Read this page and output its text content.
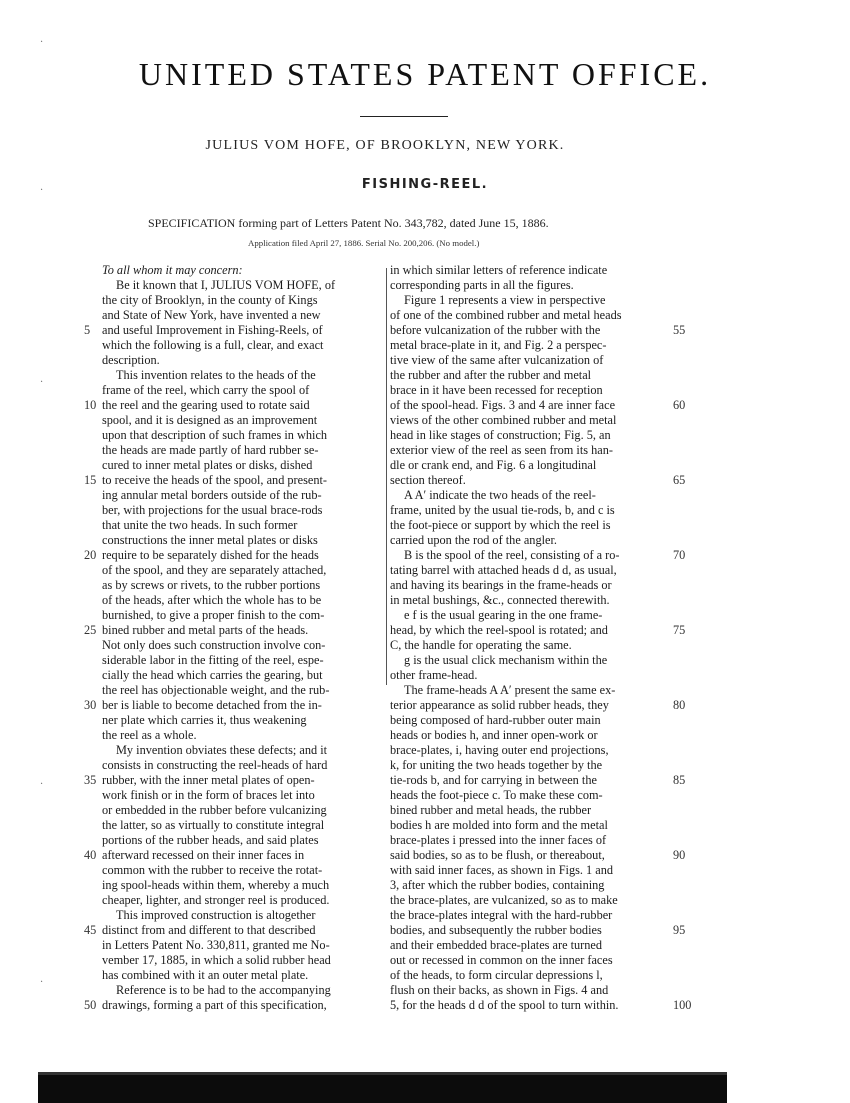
UNITED STATES PATENT OFFICE.
JULIUS VOM HOFE, OF BROOKLYN, NEW YORK.
FISHING-REEL.
SPECIFICATION forming part of Letters Patent No. 343,782, dated June 15, 1886.
Application filed April 27, 1886. Serial No. 200,206. (No model.)
To all whom it may concern:
Be it known that I, JULIUS VOM HOFE, of
the city of Brooklyn, in the county of Kings
and State of New York, have invented a new
and useful Improvement in Fishing-Reels, of
which the following is a full, clear, and exact
description.
This invention relates to the heads of the
frame of the reel, which carry the spool of
the reel and the gearing used to rotate said
spool, and it is designed as an improvement
upon that description of such frames in which
the heads are made partly of hard rubber se-
cured to inner metal plates or disks, dished
to receive the heads of the spool, and present-
ing annular metal borders outside of the rub-
ber, with projections for the usual brace-rods
that unite the two heads. In such former
constructions the inner metal plates or disks
require to be separately dished for the heads
of the spool, and they are separately attached,
as by screws or rivets, to the rubber portions
of the heads, after which the whole has to be
burnished, to give a proper finish to the com-
bined rubber and metal parts of the heads.
Not only does such construction involve con-
siderable labor in the fitting of the reel, espe-
cially the head which carries the gearing, but
the reel has objectionable weight, and the rub-
ber is liable to become detached from the in-
ner plate which carries it, thus weakening
the reel as a whole.
My invention obviates these defects; and it
consists in constructing the reel-heads of hard
rubber, with the inner metal plates of open-
work finish or in the form of braces let into
or embedded in the rubber before vulcanizing
the latter, so as virtually to constitute integral
portions of the rubber heads, and said plates
afterward recessed on their inner faces in
common with the rubber to receive the rotat-
ing spool-heads within them, whereby a much
cheaper, lighter, and stronger reel is produced.
This improved construction is altogether
distinct from and different to that described
in Letters Patent No. 330,811, granted me No-
vember 17, 1885, in which a solid rubber head
has combined with it an outer metal plate.
Reference is to be had to the accompanying
drawings, forming a part of this specification,
in which similar letters of reference indicate
corresponding parts in all the figures.
Figure 1 represents a view in perspective
of one of the combined rubber and metal heads
before vulcanization of the rubber with the
metal brace-plate in it, and Fig. 2 a perspec-
tive view of the same after vulcanization of
the rubber and after the rubber and metal
brace in it have been recessed for reception
of the spool-head. Figs. 3 and 4 are inner face
views of the other combined rubber and metal
head in like stages of construction; Fig. 5, an
exterior view of the reel as seen from its han-
dle or crank end, and Fig. 6 a longitudinal
section thereof.
A A′ indicate the two heads of the reel-
frame, united by the usual tie-rods, b, and c is
the foot-piece or support by which the reel is
carried upon the rod of the angler.
B is the spool of the reel, consisting of a ro-
tating barrel with attached heads d d, as usual,
and having its bearings in the frame-heads or
in metal bushings, &c., connected therewith.
e f is the usual gearing in the one frame-
head, by which the reel-spool is rotated; and
C, the handle for operating the same.
g is the usual click mechanism within the
other frame-head.
The frame-heads A A′ present the same ex-
terior appearance as solid rubber heads, they
being composed of hard-rubber outer main
heads or bodies h, and inner open-work or
brace-plates, i, having outer end projections,
k, for uniting the two heads together by the
tie-rods b, and for carrying in between the
heads the foot-piece c. To make these com-
bined rubber and metal heads, the rubber
bodies h are molded into form and the metal
brace-plates i pressed into the inner faces of
said bodies, so as to be flush, or thereabout,
with said inner faces, as shown in Figs. 1 and
3, after which the rubber bodies, containing
the brace-plates, are vulcanized, so as to make
the brace-plates integral with the hard-rubber
bodies, and subsequently the rubber bodies
and their embedded brace-plates are turned
out or recessed in common on the inner faces
of the heads, to form circular depressions l,
flush on their backs, as shown in Figs. 4 and
5, for the heads d d of the spool to turn within.
5
10
15
20
25
30
35
40
45
50
55
60
65
70
75
80
85
90
95
100
·
·
·
·
·
